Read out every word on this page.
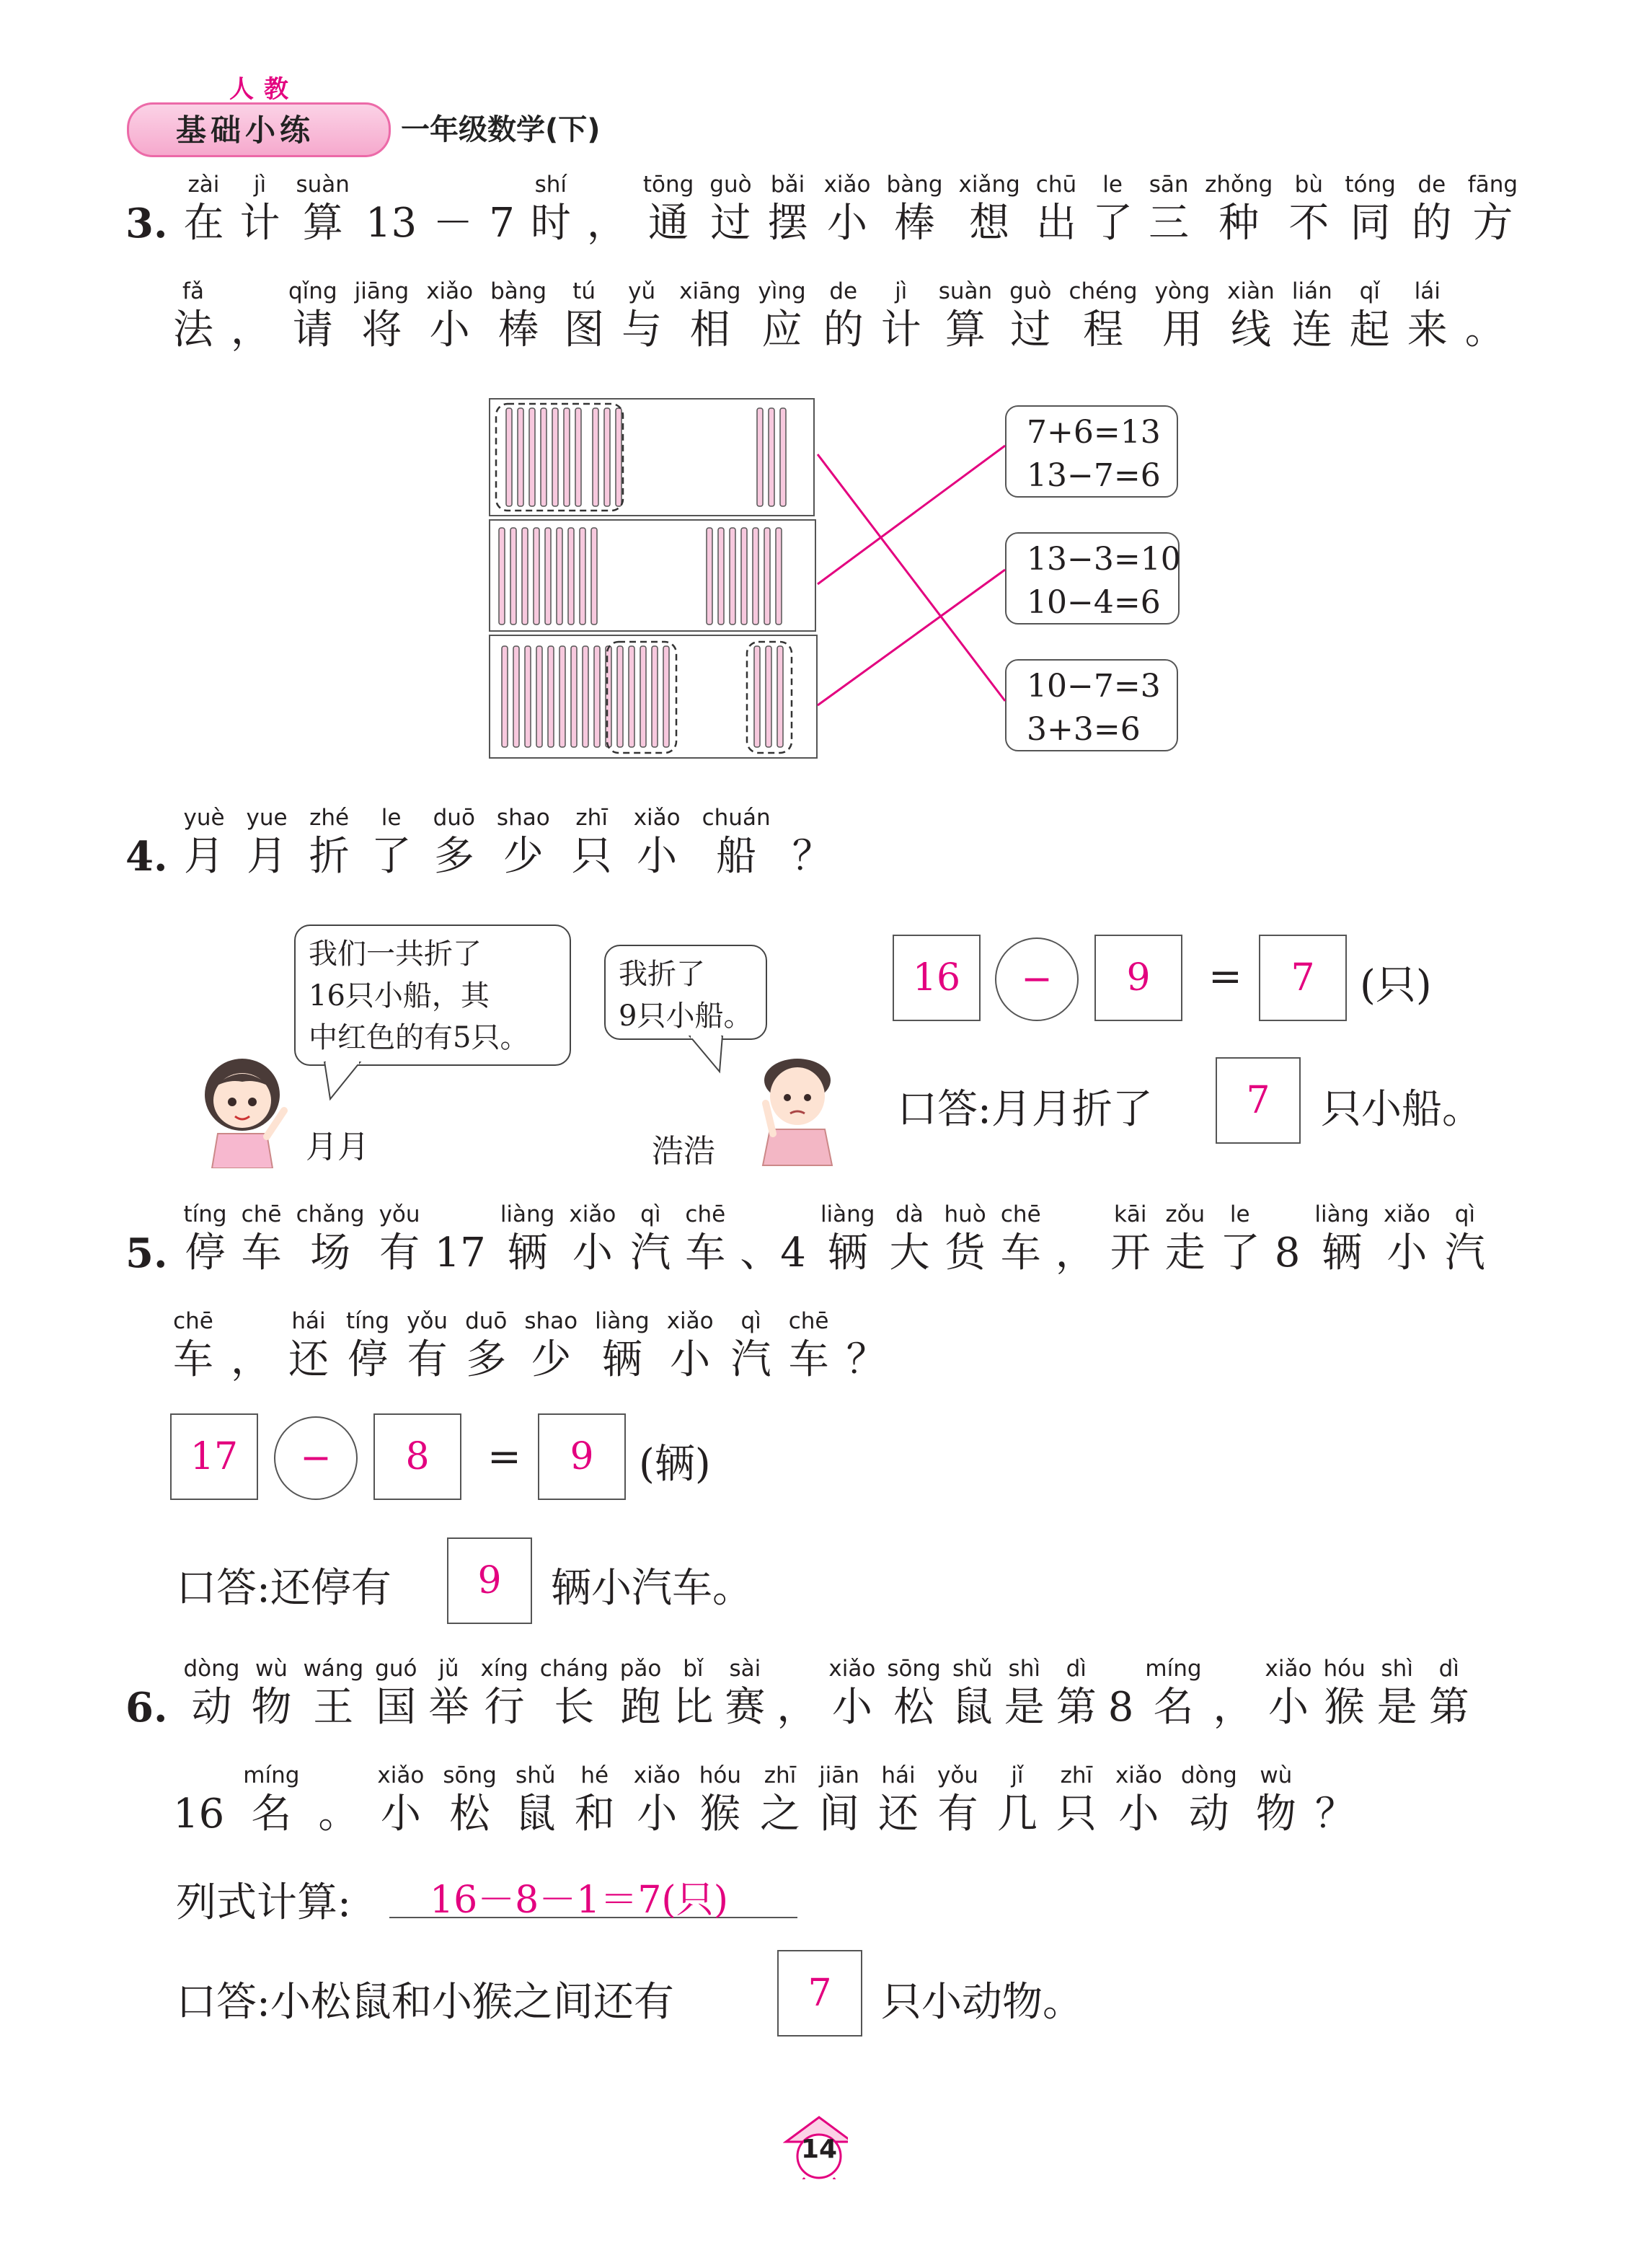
人教
基础小练	一年级数学(下)
3.
zài
在
jì
计
suàn
算 13 － 7
shí
时 ，
tōng
通
guò
过
bǎi
摆
xiǎo
小
bàng
棒
xiǎng
想
chū
出
le
了
sān
三
zhǒng
种
bù
不
tóng
同
de
的
fāng
方
fǎ
法 ，
qǐng
请
jiāng
将
xiǎo
小
bàng
棒
tú
图
yǔ
与
xiāng
相
yìng
应
de
的
jì
计
suàn
算
guò
过
chéng
程
yòng
用
xiàn
线
lián
连
qǐ
起
lái
来 。
7+6=13
13−7=6
13−3=10
10−4=6
10−7=3
3+3=6
4.
yuè
月
yue
月
zhé
折
le
了
duō
多
shao
少
zhī
只
xiǎo
小
chuán
船 ？
我们一共折了
16只小船，其
中红色的有5只。
我折了
9只小船。
月月	浩浩
16	−	9	=	7	(只)
口答:月月折了	7	只小船。
5.
tíng
停
chē
车
chǎng
场
yǒu
有 17
liàng
辆
xiǎo
小
qì
汽
chē
车 、4
liàng
辆
dà
大
huò
货
chē
车 ，
kāi
开
zǒu
走
le
了 8
liàng
辆
xiǎo
小
qì
汽
chē
车 ，
hái
还
tíng
停
yǒu
有
duō
多
shao
少
liàng
辆
xiǎo
小
qì
汽
chē
车 ？
17	−	8	=	9	(辆)
口答:还停有	9	辆小汽车。
6.
dòng
动
wù
物
wáng
王
guó
国
jǔ
举
xíng
行
cháng
长
pǎo
跑
bǐ
比
sài
赛 ，
xiǎo
小
sōng
松
shǔ
鼠
shì
是
dì
第 8
míng
名 ，
xiǎo
小
hóu
猴
shì
是
dì
第
16
míng
名 。
xiǎo
小
sōng
松
shǔ
鼠
hé
和
xiǎo
小
hóu
猴
zhī
之
jiān
间
hái
还
yǒu
有
jǐ
几
zhī
只
xiǎo
小
dòng
动
wù
物 ？
列式计算: 16－8－1＝7(只)
口答:小松鼠和小猴之间还有	7	只小动物。
14
